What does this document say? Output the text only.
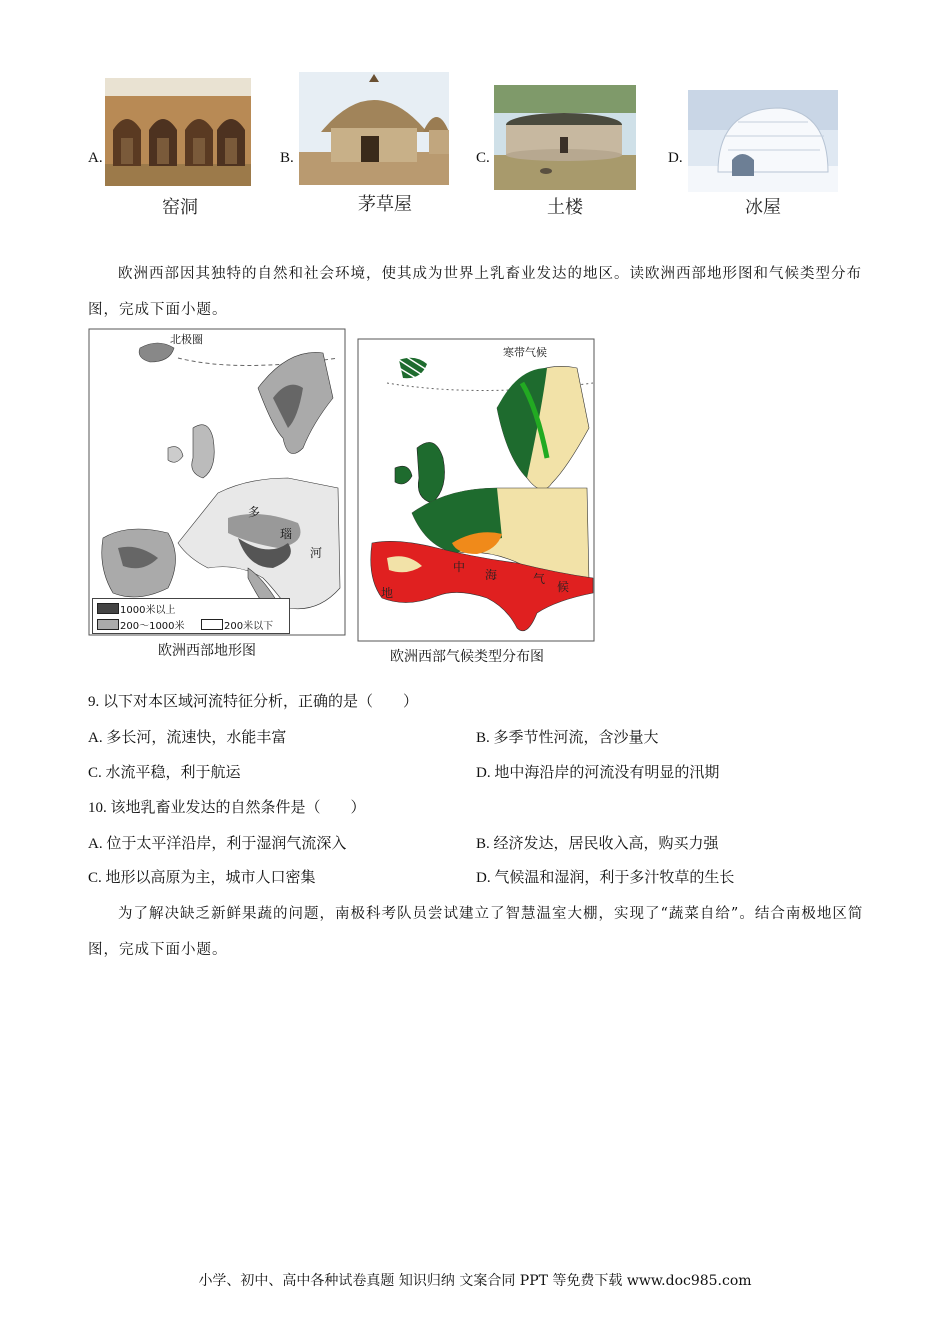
A.
窑洞
B.
茅草屋
C.
土楼
D.
冰屋
欧洲西部因其独特的自然和社会环境，使其成为世界上乳畜业发达的地区。读欧洲西部地形图和气候类型分布图，完成下面小题。
北极圈
多
瑙
河
1000米以上
200～1000米	200米以下
欧洲西部地形图
寒带气候
地
中
海	气
候
欧洲西部气候类型分布图
9. 以下对本区域河流特征分析，正确的是（　　）
A. 多长河，流速快，水能丰富	B. 多季节性河流，含沙量大
C. 水流平稳，利于航运	D. 地中海沿岸的河流没有明显的汛期
10. 该地乳畜业发达的自然条件是（　　）
A. 位于太平洋沿岸，利于湿润气流深入	B. 经济发达，居民收入高，购买力强
C. 地形以高原为主，城市人口密集	D. 气候温和湿润，利于多汁牧草的生长
为了解决缺乏新鲜果蔬的问题，南极科考队员尝试建立了智慧温室大棚，实现了“蔬菜自给”。结合南极地区简图，完成下面小题。
小学、初中、高中各种试卷真题 知识归纳 文案合同 PPT 等免费下载 www.doc985.com
